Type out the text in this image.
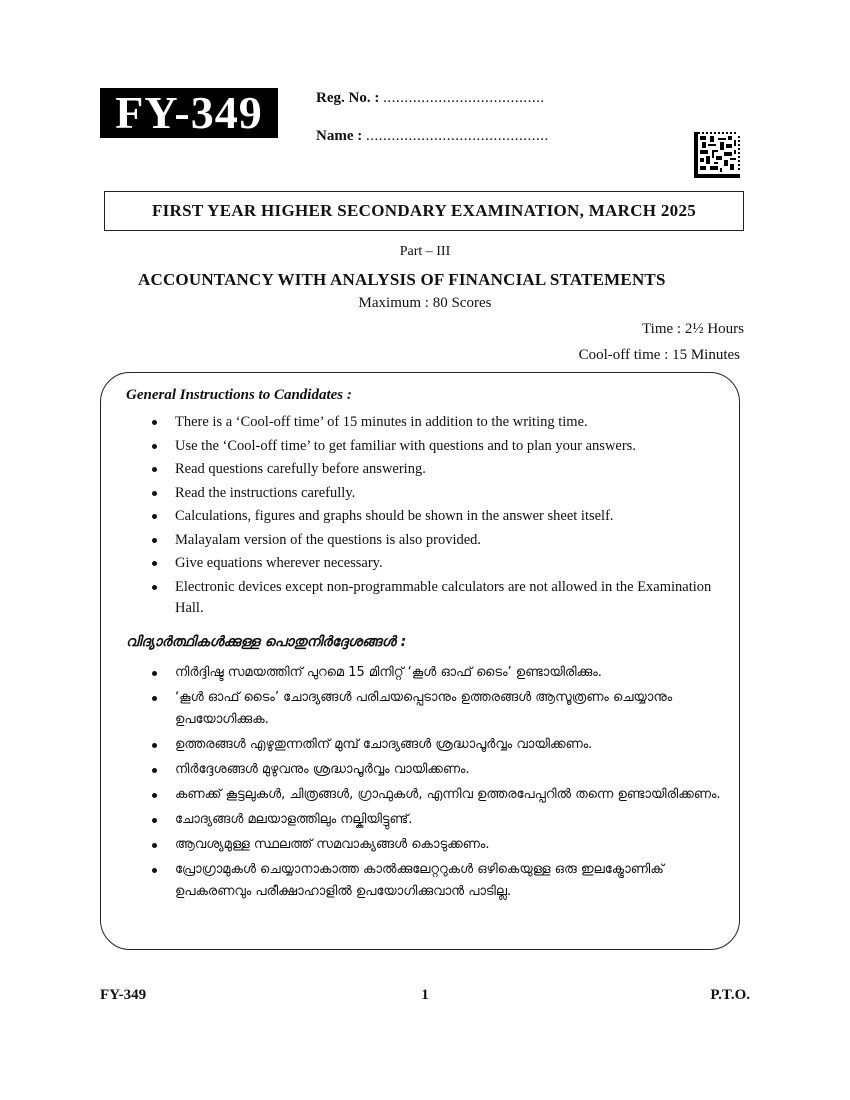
FY-349	Reg. No. : ......................................
Name : ...........................................
FIRST YEAR HIGHER SECONDARY EXAMINATION, MARCH 2025
Part – III
ACCOUNTANCY WITH ANALYSIS OF FINANCIAL STATEMENTS
Maximum : 80 Scores
Time : 2½ Hours
Cool-off time : 15 Minutes
General Instructions to Candidates :
There is a ‘Cool-off time’ of 15 minutes in addition to the writing time.
Use the ‘Cool-off time’ to get familiar with questions and to plan your answers.
Read questions carefully before answering.
Read the instructions carefully.
Calculations, figures and graphs should be shown in the answer sheet itself.
Malayalam version of the questions is also provided.
Give equations wherever necessary.
Electronic devices except non-programmable calculators are not allowed in the Examination Hall.
വിദ്യാർത്ഥികൾക്കുള്ള പൊതുനിർദ്ദേശങ്ങൾ :
നിർദ്ദിഷ്ട സമയത്തിന് പുറമെ 15 മിനിറ്റ് ‘കൂൾ ഓഫ് ടൈം’ ഉണ്ടായിരിക്കും.
‘കൂൾ ഓഫ് ടൈം’ ചോദ്യങ്ങൾ പരിചയപ്പെടാനും ഉത്തരങ്ങൾ ആസൂത്രണം ചെയ്യാനും ഉപയോഗിക്കുക.
ഉത്തരങ്ങൾ എഴുതുന്നതിന് മുമ്പ് ചോദ്യങ്ങൾ ശ്രദ്ധാപൂർവ്വം വായിക്കണം.
നിർദ്ദേശങ്ങൾ മുഴുവനും ശ്രദ്ധാപൂർവ്വം വായിക്കണം.
കണക്ക് കൂട്ടലുകൾ, ചിത്രങ്ങൾ, ഗ്രാഫുകൾ, എന്നിവ ഉത്തരപേപ്പറിൽ തന്നെ ഉണ്ടായിരിക്കണം.
ചോദ്യങ്ങൾ മലയാളത്തിലും നല്കിയിട്ടുണ്ട്.
ആവശ്യമുള്ള സ്ഥലത്ത് സമവാക്യങ്ങൾ കൊടുക്കണം.
പ്രോഗ്രാമുകൾ ചെയ്യാനാകാത്ത കാൽക്കുലേറ്ററുകൾ ഒഴികെയുള്ള ഒരു ഇലക്ട്രോണിക് ഉപകരണവും പരീക്ഷാഹാളിൽ ഉപയോഗിക്കുവാൻ പാടില്ല.
FY-349	1	P.T.O.
